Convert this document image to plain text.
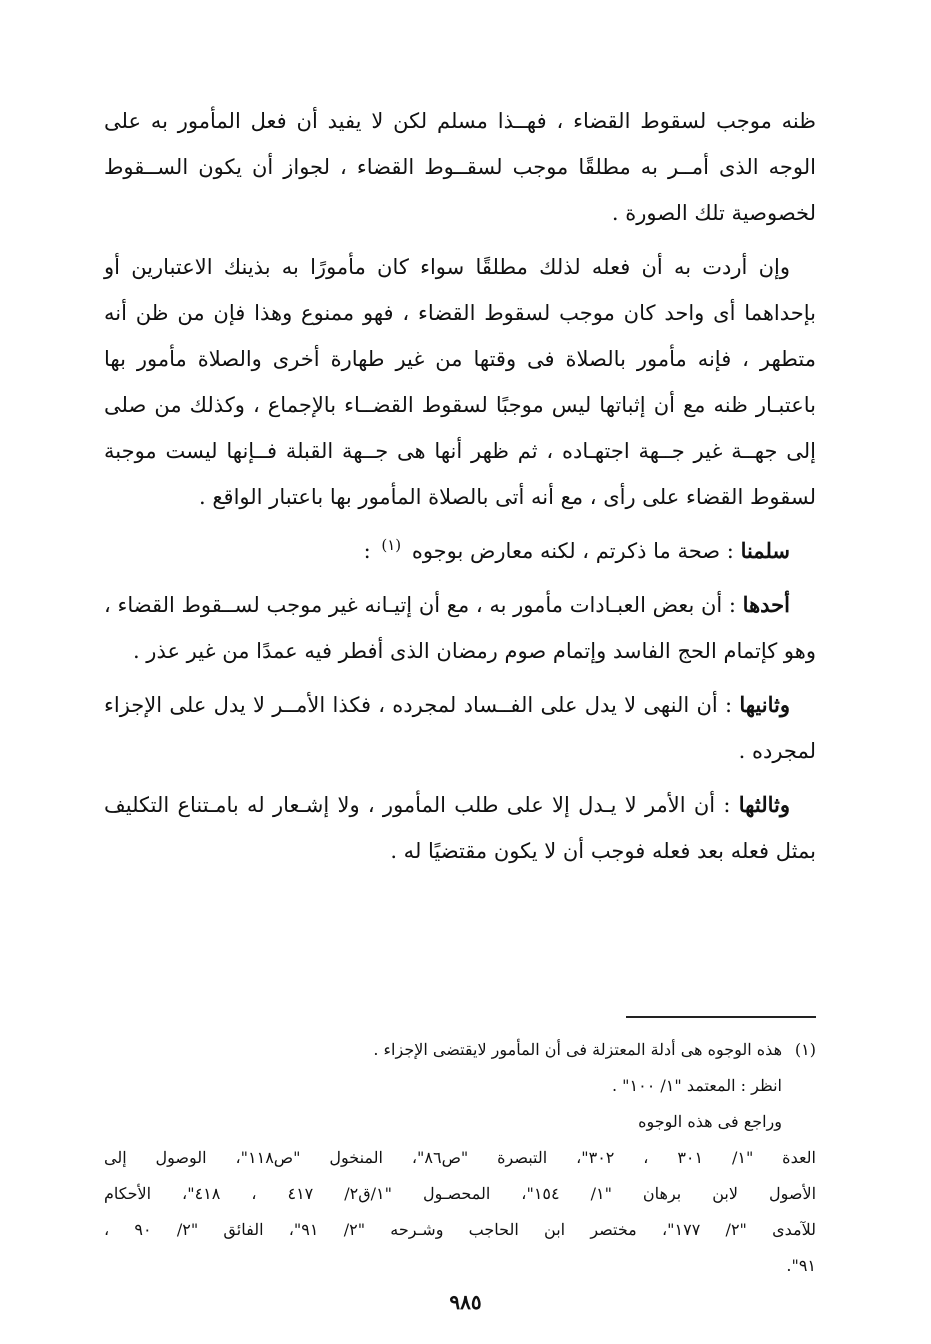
ظنه موجب لسقوط القضاء ، فهــذا مسلم لكن لا يفيد أن فعل المأمور به على الوجه الذى أمــر به مطلقًا موجب لسقــوط القضاء ، لجواز أن يكون الســقوط لخصوصية تلك الصورة .

وإن أردت به أن فعله لذلك مطلقًا سواء كان مأمورًا به بذينك الاعتبارين أو بإحداهما أى واحد كان موجب لسقوط القضاء ، فهو ممنوع وهذا فإن من ظن أنه متطهر ، فإنه مأمور بالصلاة فى وقتها من غير طهارة أخرى والصلاة مأمور بها باعتبـار ظنه مع أن إثباتها ليس موجبًا لسقوط القضــاء بالإجماع ، وكذلك من صلى إلى جهــة غير جــهة اجتهـاده ، ثم ظهر أنها هى جــهة القبلة فــإنها ليست موجبة لسقوط القضاء على رأى ، مع أنه أتى بالصلاة المأمور بها باعتبار الواقع .

سلمنا : صحة ما ذكرتم ، لكنه معارض بوجوه $^{(١)}$ :

أحدها : أن بعض العبـادات مأمور به ، مع أن إتيـانه غير موجب لســقوط القضاء ، وهو كإتمام الحج الفاسد وإتمام صوم رمضان الذى أفطر فيه عمدًا من غير عذر .

وثانيها : أن النهى لا يدل على الفــساد لمجرده ، فكذا الأمــر لا يدل على الإجزاء لمجرده .

وثالثها : أن الأمر لا يـدل إلا على طلب المأمور ، ولا إشـعار له بامـتناع التكليف بمثل فعله بعد فعله فوجب أن لا يكون مقتضيًا له .

(١)
هذه الوجوه هى أدلة المعتزلة فى أن المأمور لايقتضى الإجزاء .
انظر : المعتمد "١/ ١٠٠" .
وراجع فى هذه الوجوه
العدة "١/ ٣٠١ ، ٣٠٢"، التبصرة "ص٨٦"، المنخول "ص١١٨"، الوصول إلى
الأصول لابن برهان "١/ ١٥٤"، المحصـول "١/ق٢/ ٤١٧ ، ٤١٨"، الأحكام
للآمدى "٢/ ١٧٧"، مختصر ابن الحاجب وشـرحه "٢/ ٩١"، الفائق "٢/ ٩٠ ،
٩١".
٩٨٥
